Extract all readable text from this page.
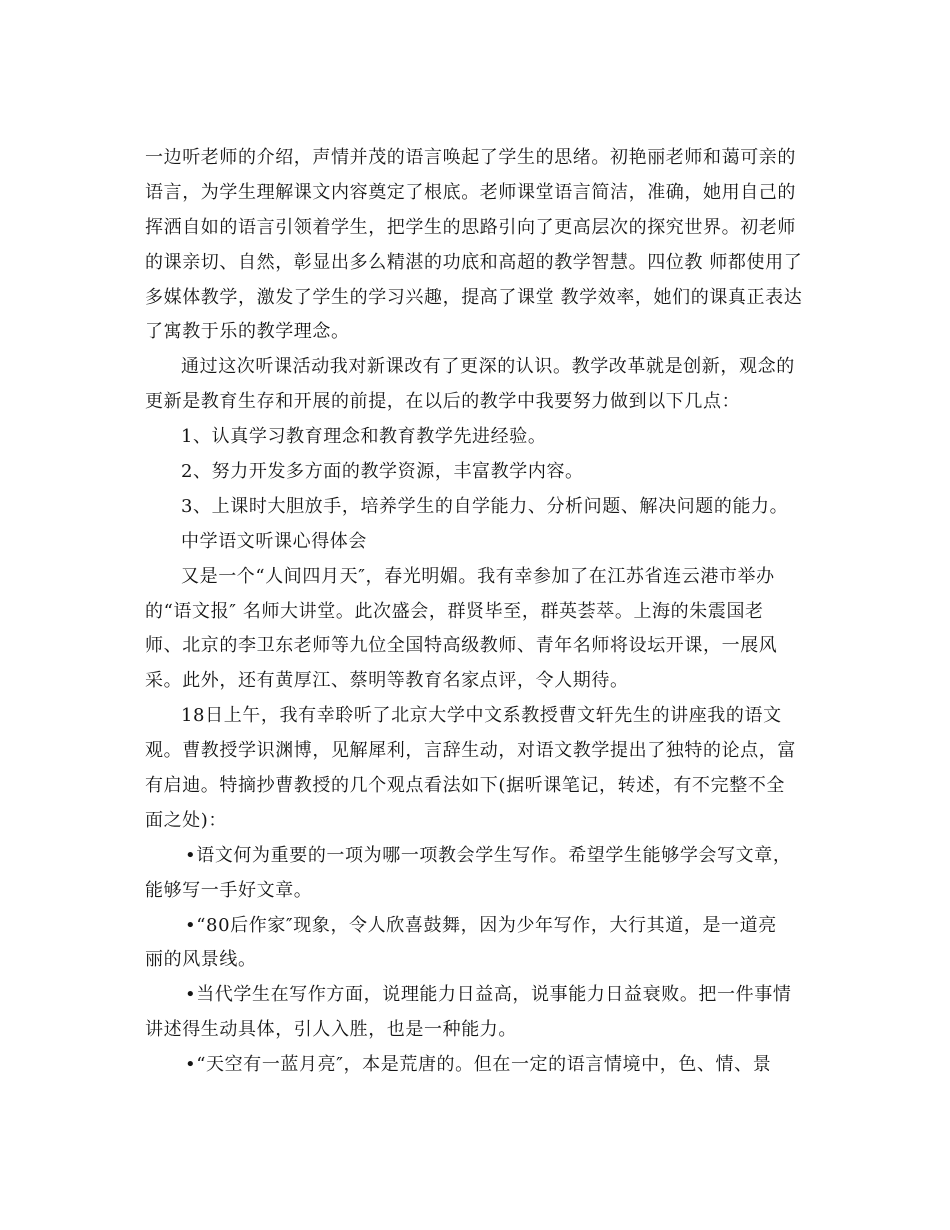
一边听老师的介绍，声情并茂的语言唤起了学生的思绪。初艳丽老师和蔼可亲的
语言，为学生理解课文内容奠定了根底。老师课堂语言简洁，准确，她用自己的
挥洒自如的语言引领着学生，把学生的思路引向了更高层次的探究世界。初老师
的课亲切、自然，彰显出多么精湛的功底和高超的教学智慧。四位教 师都使用了
多媒体教学，激发了学生的学习兴趣，提高了课堂 教学效率，她们的课真正表达
了寓教于乐的教学理念。
通过这次听课活动我对新课改有了更深的认识。教学改革就是创新，观念的
更新是教育生存和开展的前提，在以后的教学中我要努力做到以下几点：
1、认真学习教育理念和教育教学先进经验。
2、努力开发多方面的教学资源，丰富教学内容。
3、上课时大胆放手，培养学生的自学能力、分析问题、解决问题的能力。
中学语文听课心得体会
又是一个“人间四月天″，春光明媚。我有幸参加了在江苏省连云港市举办
的“语文报″ 名师大讲堂。此次盛会，群贤毕至，群英荟萃。上海的朱震国老
师、北京的李卫东老师等九位全国特高级教师、青年名师将设坛开课，一展风
采。此外，还有黄厚江、蔡明等教育名家点评，令人期待。
18日上午，我有幸聆听了北京大学中文系教授曹文轩先生的讲座我的语文
观。曹教授学识渊博，见解犀利，言辞生动，对语文教学提出了独特的论点，富
有启迪。特摘抄曹教授的几个观点看法如下(据听课笔记，转述，有不完整不全
面之处)：
•语文何为重要的一项为哪一项教会学生写作。希望学生能够学会写文章，
能够写一手好文章。
•“80后作家″现象，令人欣喜鼓舞，因为少年写作，大行其道，是一道亮
丽的风景线。
•当代学生在写作方面，说理能力日益高，说事能力日益衰败。把一件事情
讲述得生动具体，引人入胜，也是一种能力。
•“天空有一蓝月亮″，本是荒唐的。但在一定的语言情境中，色、情、景
